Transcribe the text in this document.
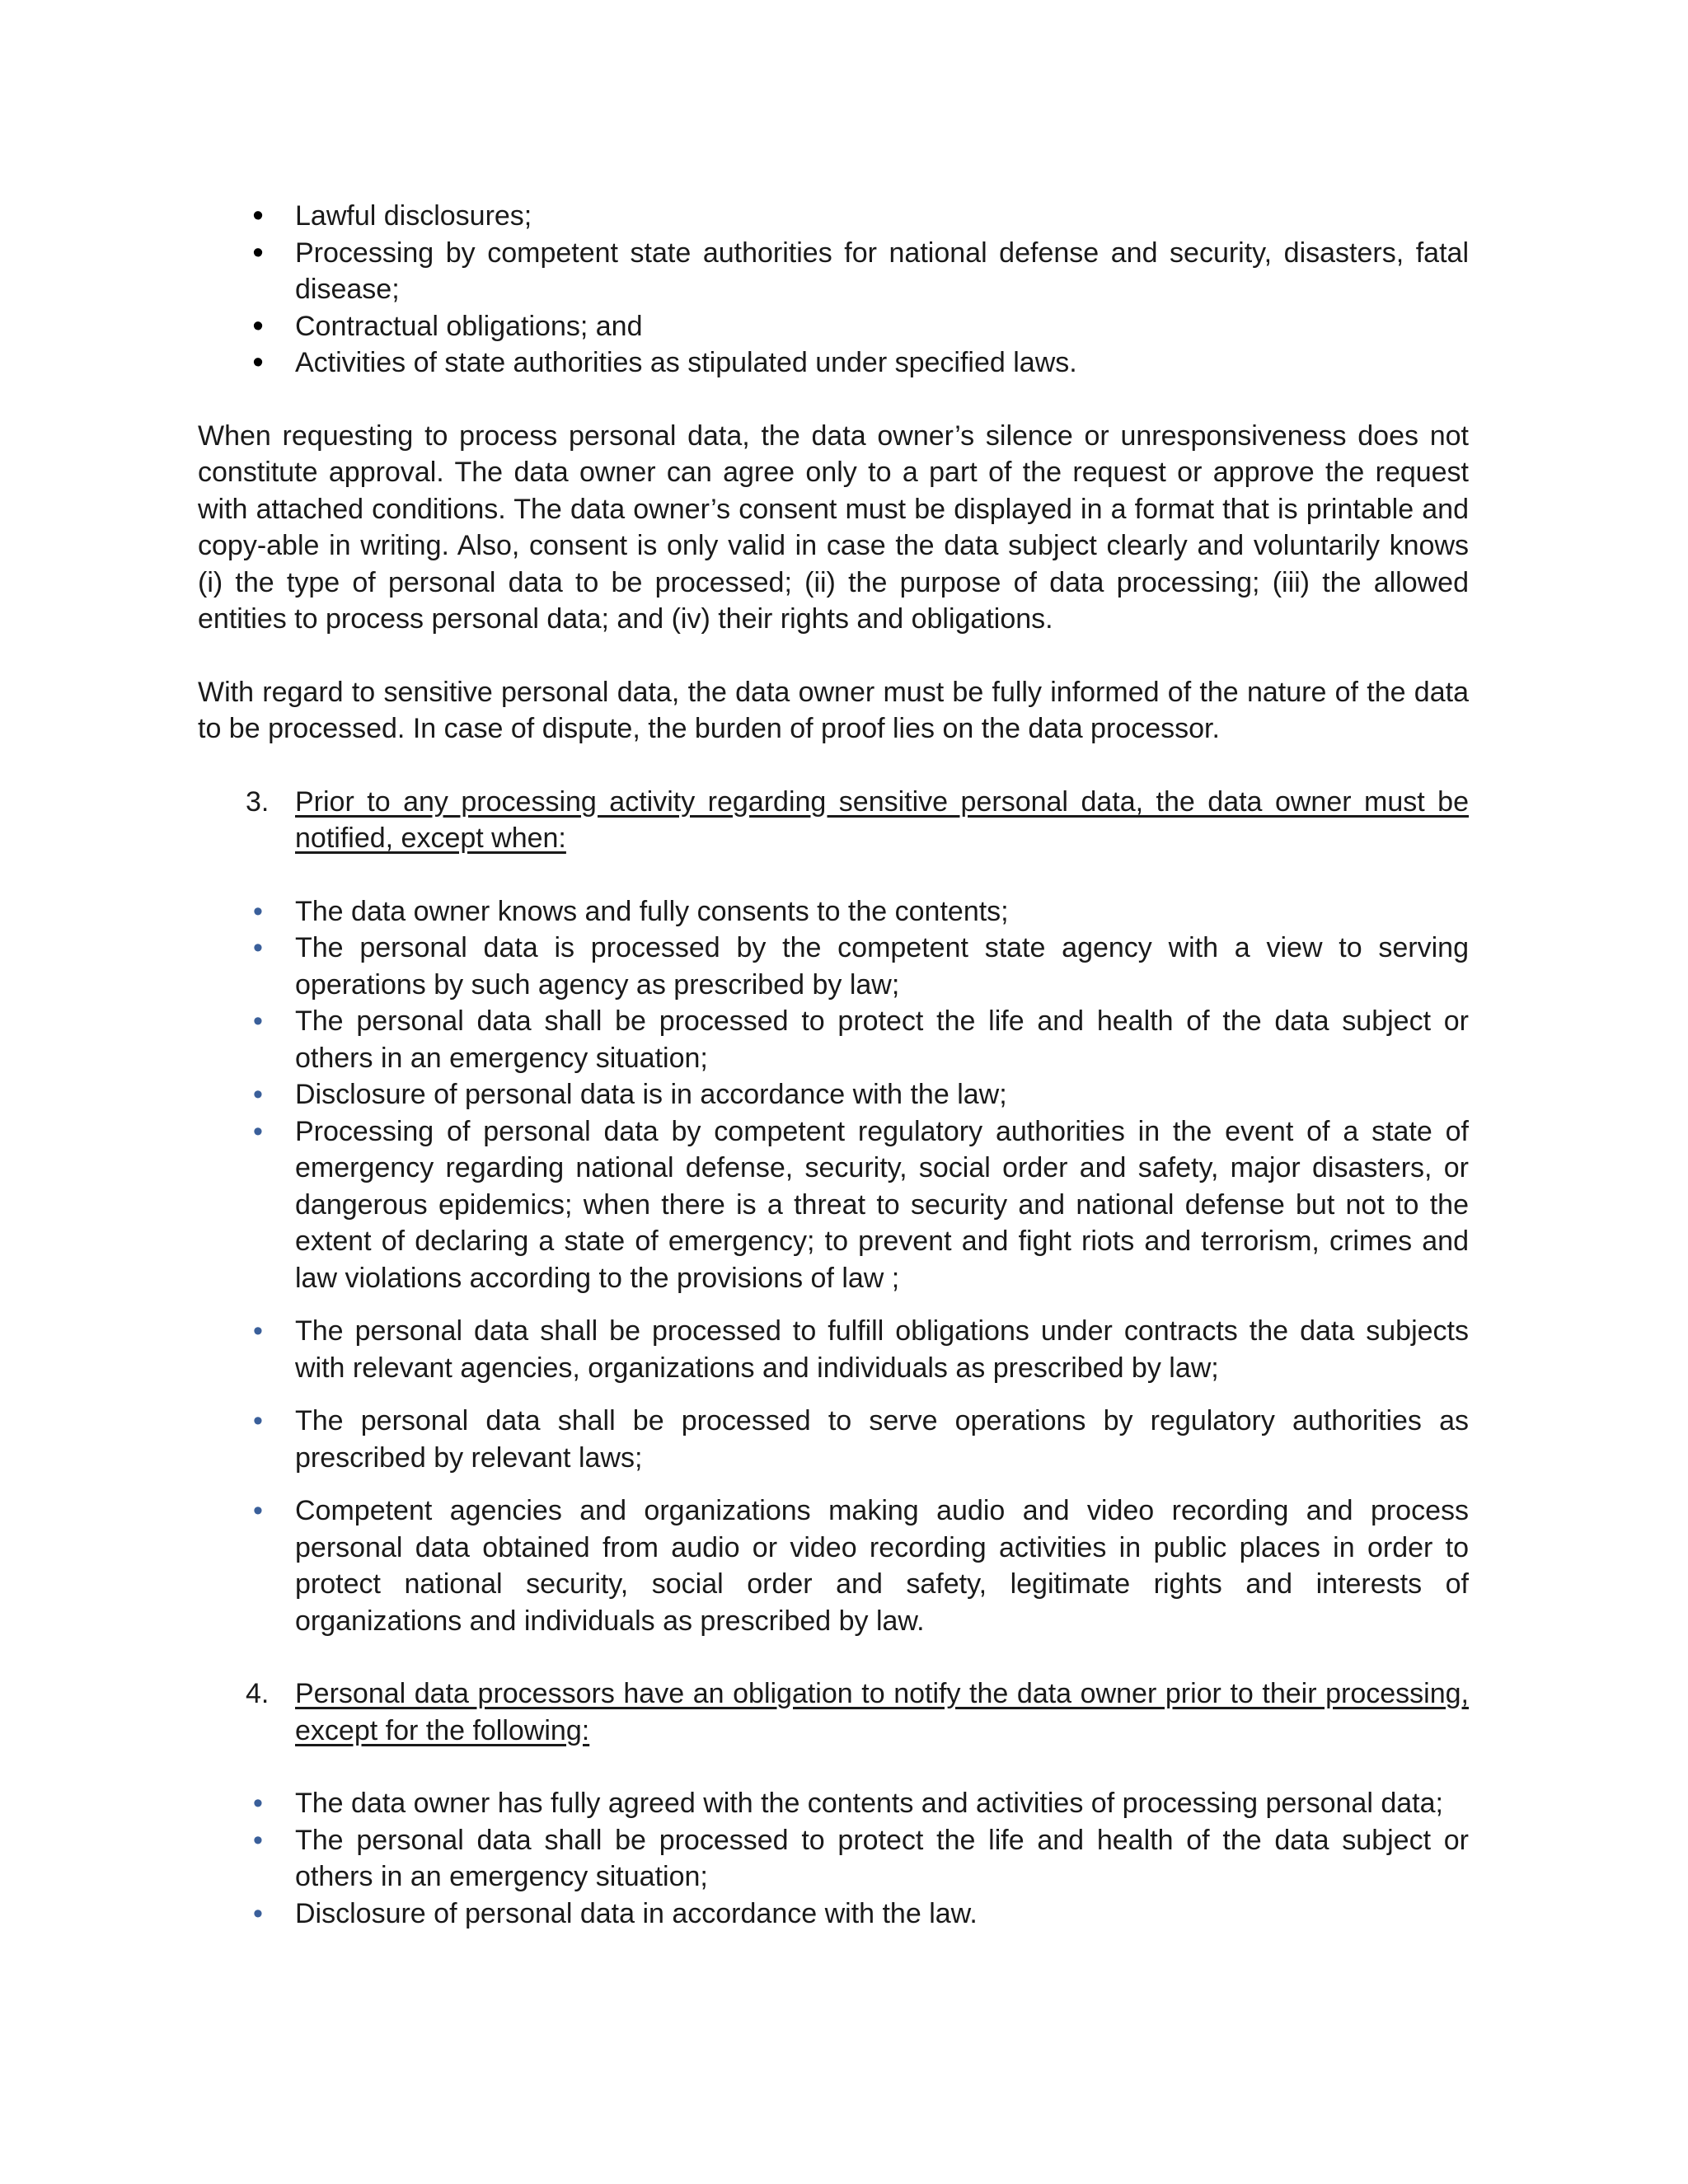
• Lawful disclosures;
• Processing by competent state authorities for national defense and security, disasters, fatal disease;
• Contractual obligations; and
• Activities of state authorities as stipulated under specified laws.

When requesting to process personal data, the data owner’s silence or unresponsiveness does not constitute approval. The data owner can agree only to a part of the request or approve the request with attached conditions. The data owner’s consent must be displayed in a format that is printable and copy-able in writing. Also, consent is only valid in case the data subject clearly and voluntarily knows (i) the type of personal data to be processed; (ii) the purpose of data processing; (iii) the allowed entities to process personal data; and (iv) their rights and obligations.

With regard to sensitive personal data, the data owner must be fully informed of the nature of the data to be processed. In case of dispute, the burden of proof lies on the data processor.

3. Prior to any processing activity regarding sensitive personal data, the data owner must be notified, except when:
• The data owner knows and fully consents to the contents;
• The personal data is processed by the competent state agency with a view to serving operations by such agency as prescribed by law;
• The personal data shall be processed to protect the life and health of the data subject or others in an emergency situation;
• Disclosure of personal data is in accordance with the law;
• Processing of personal data by competent regulatory authorities in the event of a state of emergency regarding national defense, security, social order and safety, major disasters, or dangerous epidemics; when there is a threat to security and national defense but not to the extent of declaring a state of emergency; to prevent and fight riots and terrorism, crimes and law violations according to the provisions of law ;
• The personal data shall be processed to fulfill obligations under contracts the data subjects with relevant agencies, organizations and individuals as prescribed by law;
• The personal data shall be processed to serve operations by regulatory authorities as prescribed by relevant laws;
• Competent agencies and organizations making audio and video recording and process personal data obtained from audio or video recording activities in public places in order to protect national security, social order and safety, legitimate rights and interests of organizations and individuals as prescribed by law.
4. Personal data processors have an obligation to notify the data owner prior to their processing, except for the following:
• The data owner has fully agreed with the contents and activities of processing personal data;
• The personal data shall be processed to protect the life and health of the data subject or others in an emergency situation;
• Disclosure of personal data in accordance with the law.
